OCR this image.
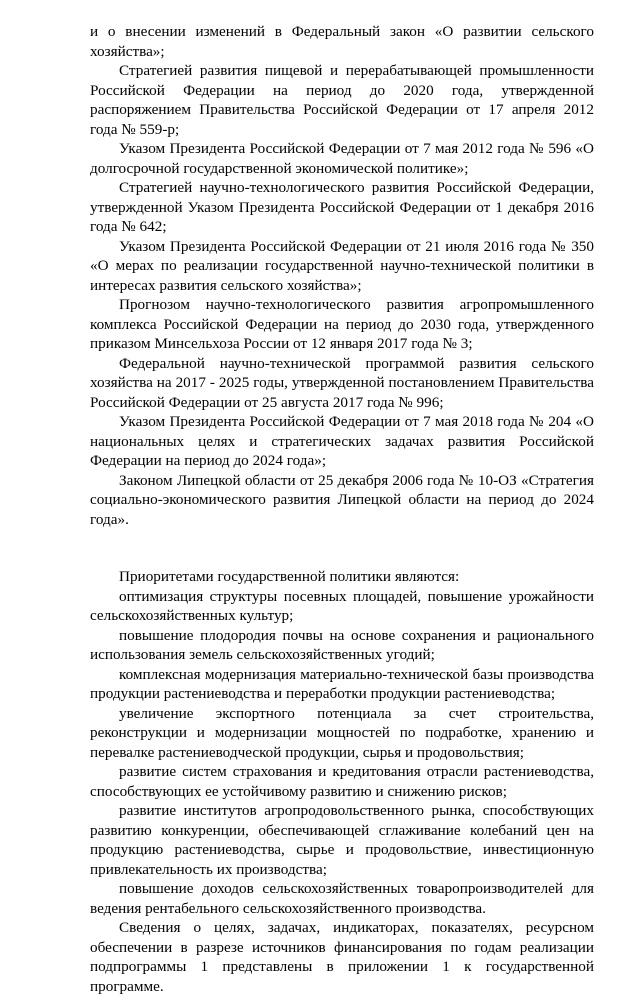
и о внесении изменений в Федеральный закон «О развитии сельского хозяйства»;

Стратегией развития пищевой и перерабатывающей промышленности Российской Федерации на период до 2020 года, утвержденной распоряжением Правительства Российской Федерации от 17 апреля 2012 года № 559-р;

Указом Президента Российской Федерации от 7 мая 2012 года № 596 «О долгосрочной государственной экономической политике»;

Стратегией научно-технологического развития Российской Федерации, утвержденной Указом Президента Российской Федерации от 1 декабря 2016 года № 642;

Указом Президента Российской Федерации от 21 июля 2016 года № 350 «О мерах по реализации государственной научно-технической политики в интересах развития сельского хозяйства»;

Прогнозом научно-технологического развития агропромышленного комплекса Российской Федерации на период до 2030 года, утвержденного приказом Минсельхоза России от 12 января 2017 года № 3;

Федеральной научно-технической программой развития сельского хозяйства на 2017 - 2025 годы, утвержденной постановлением Правительства Российской Федерации от 25 августа 2017 года № 996;

Указом Президента Российской Федерации от 7 мая 2018 года № 204 «О национальных целях и стратегических задачах развития Российской Федерации на период до 2024 года»;

Законом Липецкой области от 25 декабря 2006 года № 10-ОЗ «Стратегия социально-экономического развития Липецкой области на период до 2024 года».

Приоритетами государственной политики являются:

оптимизация структуры посевных площадей, повышение урожайности сельскохозяйственных культур;

повышение плодородия почвы на основе сохранения и рационального использования земель сельскохозяйственных угодий;

комплексная модернизация материально-технической базы производства продукции растениеводства и переработки продукции растениеводства;

увеличение экспортного потенциала за счет строительства, реконструкции и модернизации мощностей по подработке, хранению и перевалке растениеводческой продукции, сырья и продовольствия;

развитие систем страхования и кредитования отрасли растениеводства, способствующих ее устойчивому развитию и снижению рисков;

развитие институтов агропродовольственного рынка, способствующих развитию конкуренции, обеспечивающей сглаживание колебаний цен на продукцию растениеводства, сырье и продовольствие, инвестиционную привлекательность их производства;

повышение доходов сельскохозяйственных товаропроизводителей для ведения рентабельного сельскохозяйственного производства.

Сведения о целях, задачах, индикаторах, показателях, ресурсном обеспечении в разрезе источников финансирования по годам реализации подпрограммы 1 представлены в приложении 1 к государственной программе.
